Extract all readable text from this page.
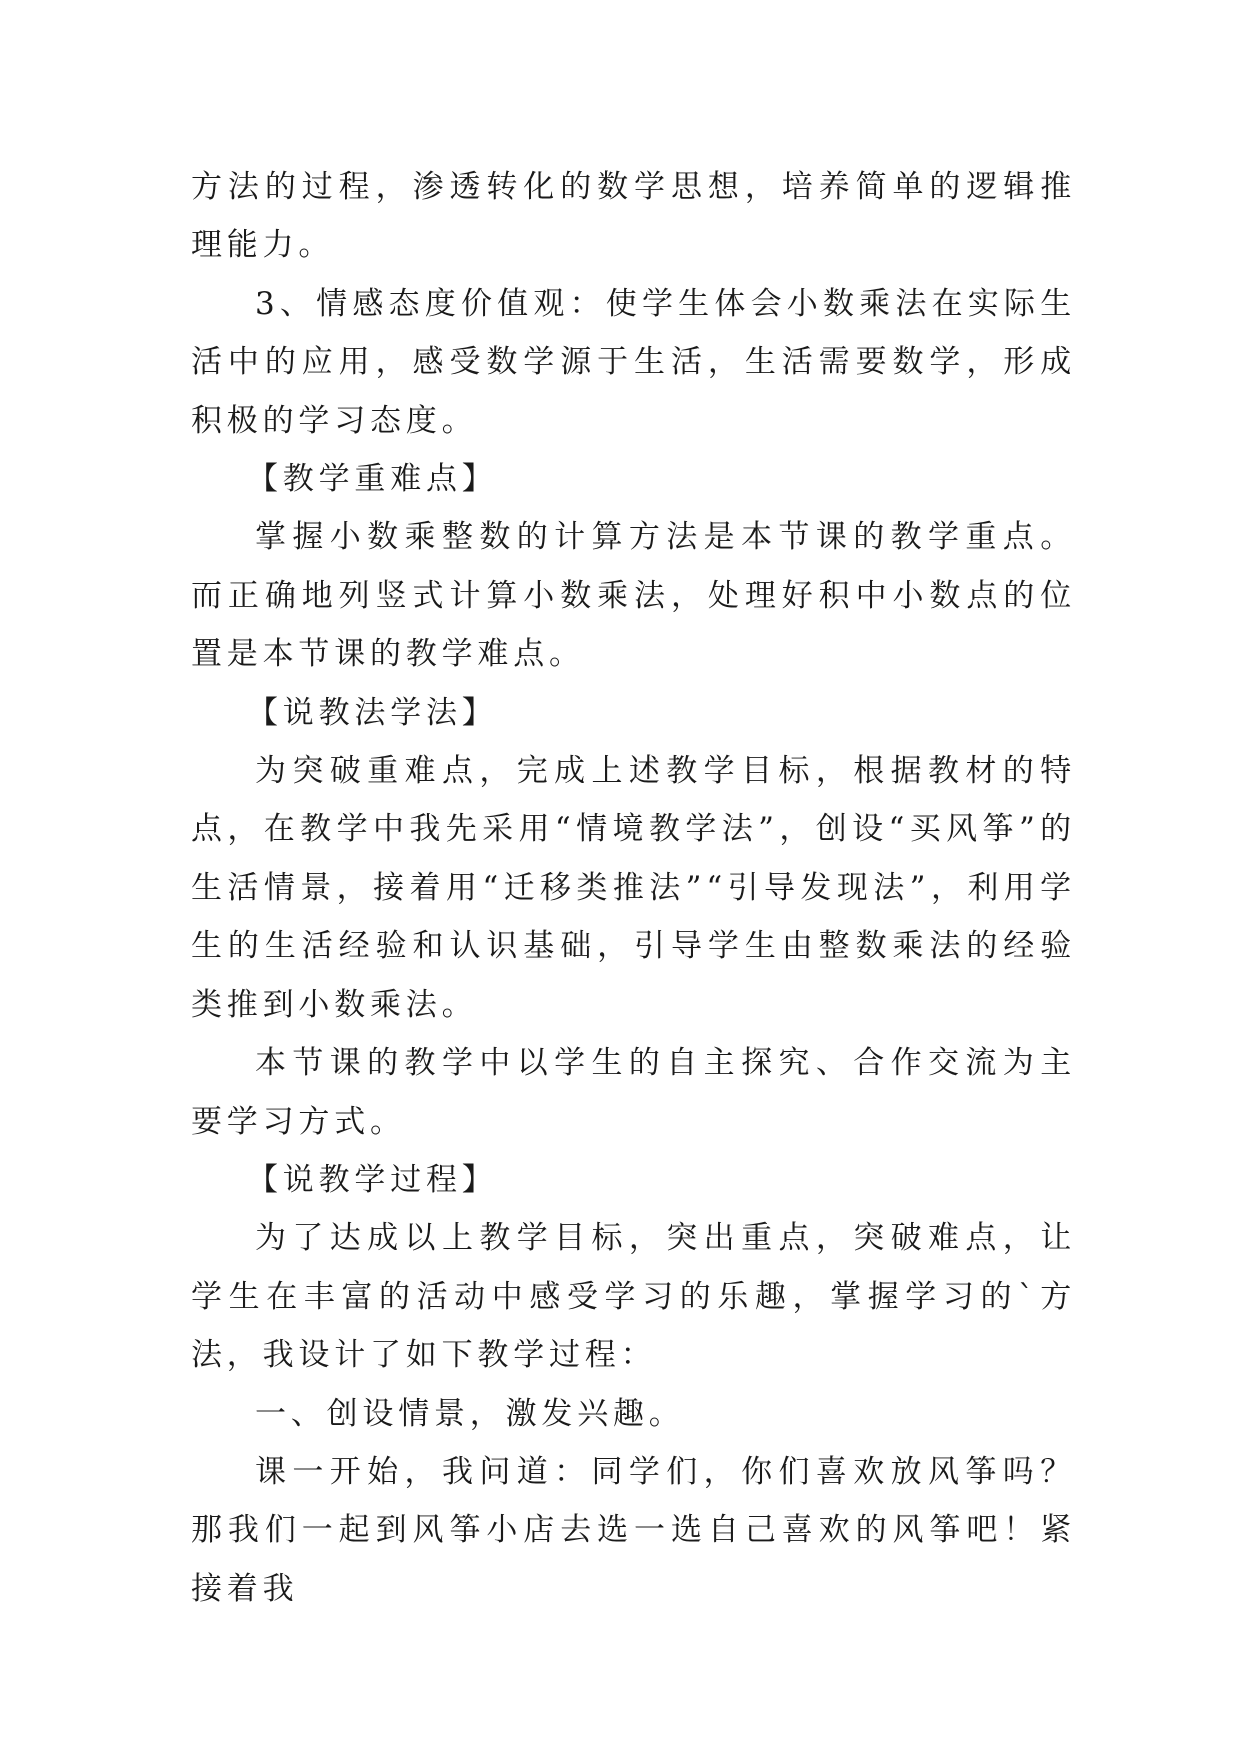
方法的过程，渗透转化的数学思想，培养简单的逻辑推理能力。

3、情感态度价值观：使学生体会小数乘法在实际生活中的应用，感受数学源于生活，生活需要数学，形成积极的学习态度。

【教学重难点】

掌握小数乘整数的计算方法是本节课的教学重点。而正确地列竖式计算小数乘法，处理好积中小数点的位置是本节课的教学难点。

【说教法学法】

为突破重难点，完成上述教学目标，根据教材的特点，在教学中我先采用“情境教学法”，创设“买风筝”的生活情景，接着用“迁移类推法”“引导发现法”，利用学生的生活经验和认识基础，引导学生由整数乘法的经验类推到小数乘法。

本节课的教学中以学生的自主探究、合作交流为主要学习方式。

【说教学过程】

为了达成以上教学目标，突出重点，突破难点，让学生在丰富的活动中感受学习的乐趣，掌握学习的`方法，我设计了如下教学过程：

一、创设情景，激发兴趣。

课一开始，我问道：同学们，你们喜欢放风筝吗？那我们一起到风筝小店去选一选自己喜欢的风筝吧！紧接着我
